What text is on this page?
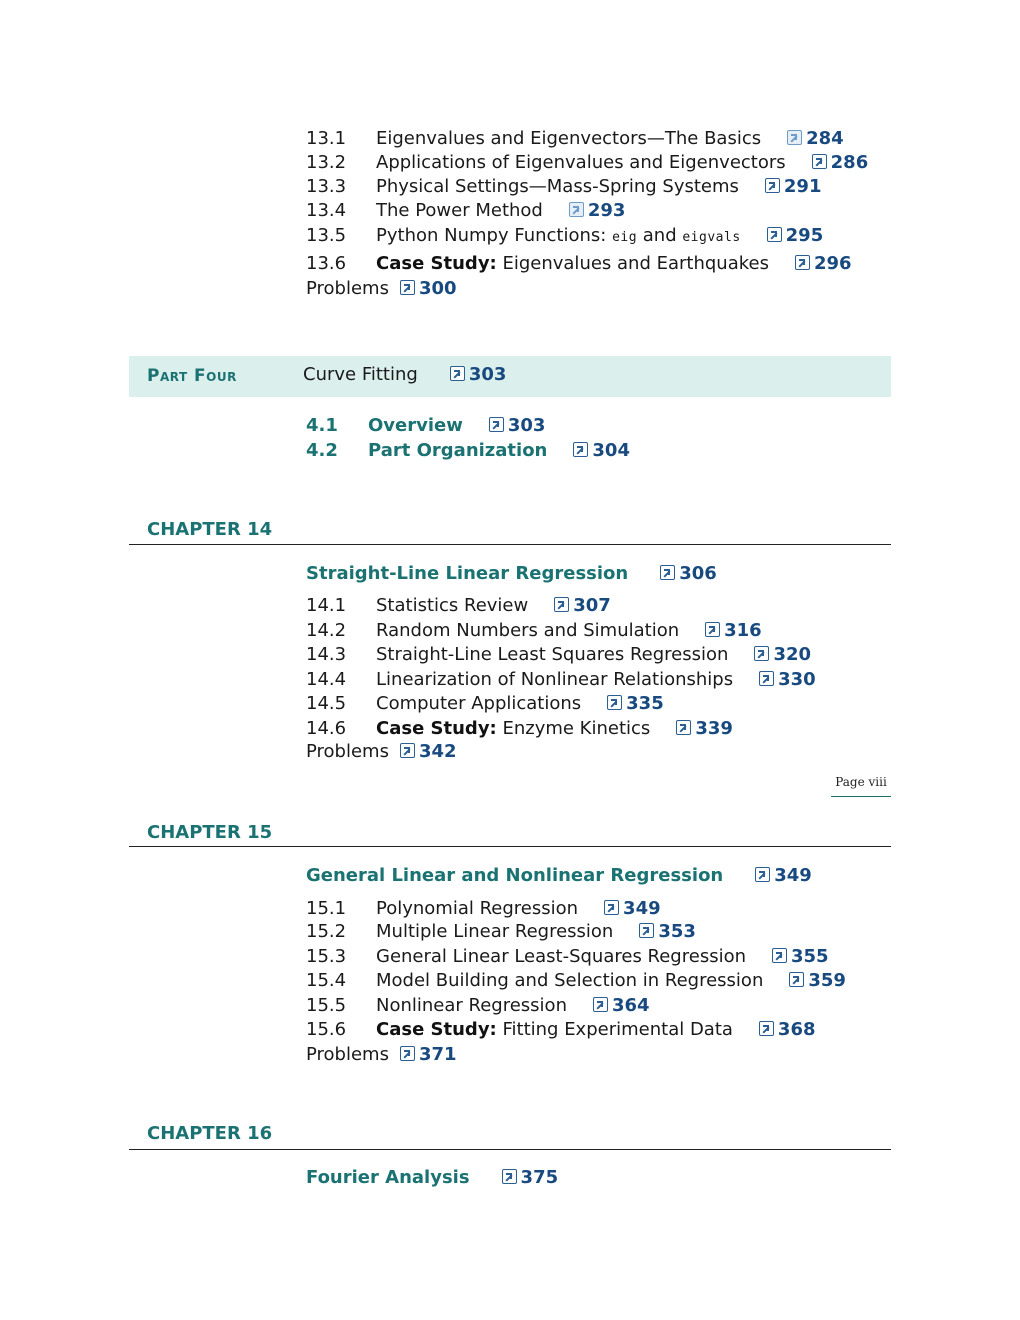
13.1 Eigenvalues and Eigenvectors—The Basics	284
13.2 Applications of Eigenvalues and Eigenvectors	286
13.3 Physical Settings—Mass-Spring Systems	291
13.4 The Power Method	293
13.5 Python Numpy Functions: eig and eigvals	295
13.6 Case Study: Eigenvalues and Earthquakes	296
Problems	300
Part Four	Curve Fitting	303
4.1 Overview	303
4.2 Part Organization	304
CHAPTER 14
Straight-Line Linear Regression	306
14.1 Statistics Review	307
14.2 Random Numbers and Simulation	316
14.3 Straight-Line Least Squares Regression	320
14.4 Linearization of Nonlinear Relationships	330
14.5 Computer Applications	335
14.6 Case Study: Enzyme Kinetics	339
Problems	342
Page viii
CHAPTER 15
General Linear and Nonlinear Regression	349
15.1 Polynomial Regression	349
15.2 Multiple Linear Regression	353
15.3 General Linear Least-Squares Regression	355
15.4 Model Building and Selection in Regression	359
15.5 Nonlinear Regression	364
15.6 Case Study: Fitting Experimental Data	368
Problems	371
CHAPTER 16
Fourier Analysis	375
